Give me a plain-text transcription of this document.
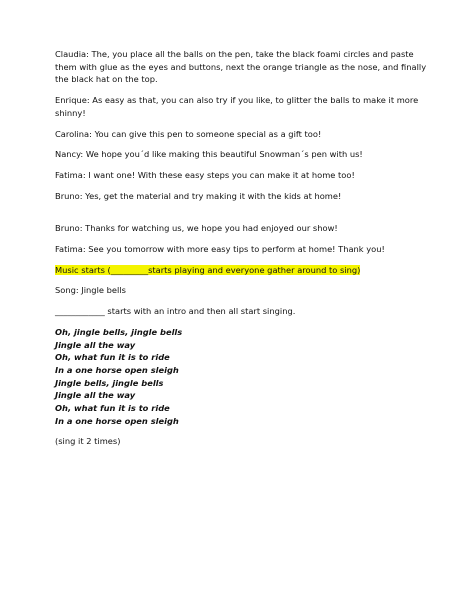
Claudia: The, you place all the balls on the pen, take the black foami circles and paste them with glue as the eyes and buttons, next the orange triangle as the nose, and finally the black hat on the top.

Enrique: As easy as that, you can also try if you like, to glitter the balls to make it more shinny!

Carolina: You can give this pen to someone special as a gift too!

Nancy: We hope you´d like making this beautiful Snowman´s pen with us!

Fatima: I want one! With these easy steps you can make it at home too!

Bruno: Yes, get the material and try making it with the kids at home!

Bruno: Thanks for watching us, we hope you had enjoyed our show!

Fatima: See you tomorrow with more easy tips to perform at home! Thank you!

Music starts (_________starts playing and everyone gather around to sing)

Song: Jingle bells

____________ starts with an intro and then all start singing.

Oh, jingle bells, jingle bells

Jingle all the way

Oh, what fun it is to ride

In a one horse open sleigh

Jingle bells, jingle bells

Jingle all the way

Oh, what fun it is to ride

In a one horse open sleigh

(sing it 2 times)
